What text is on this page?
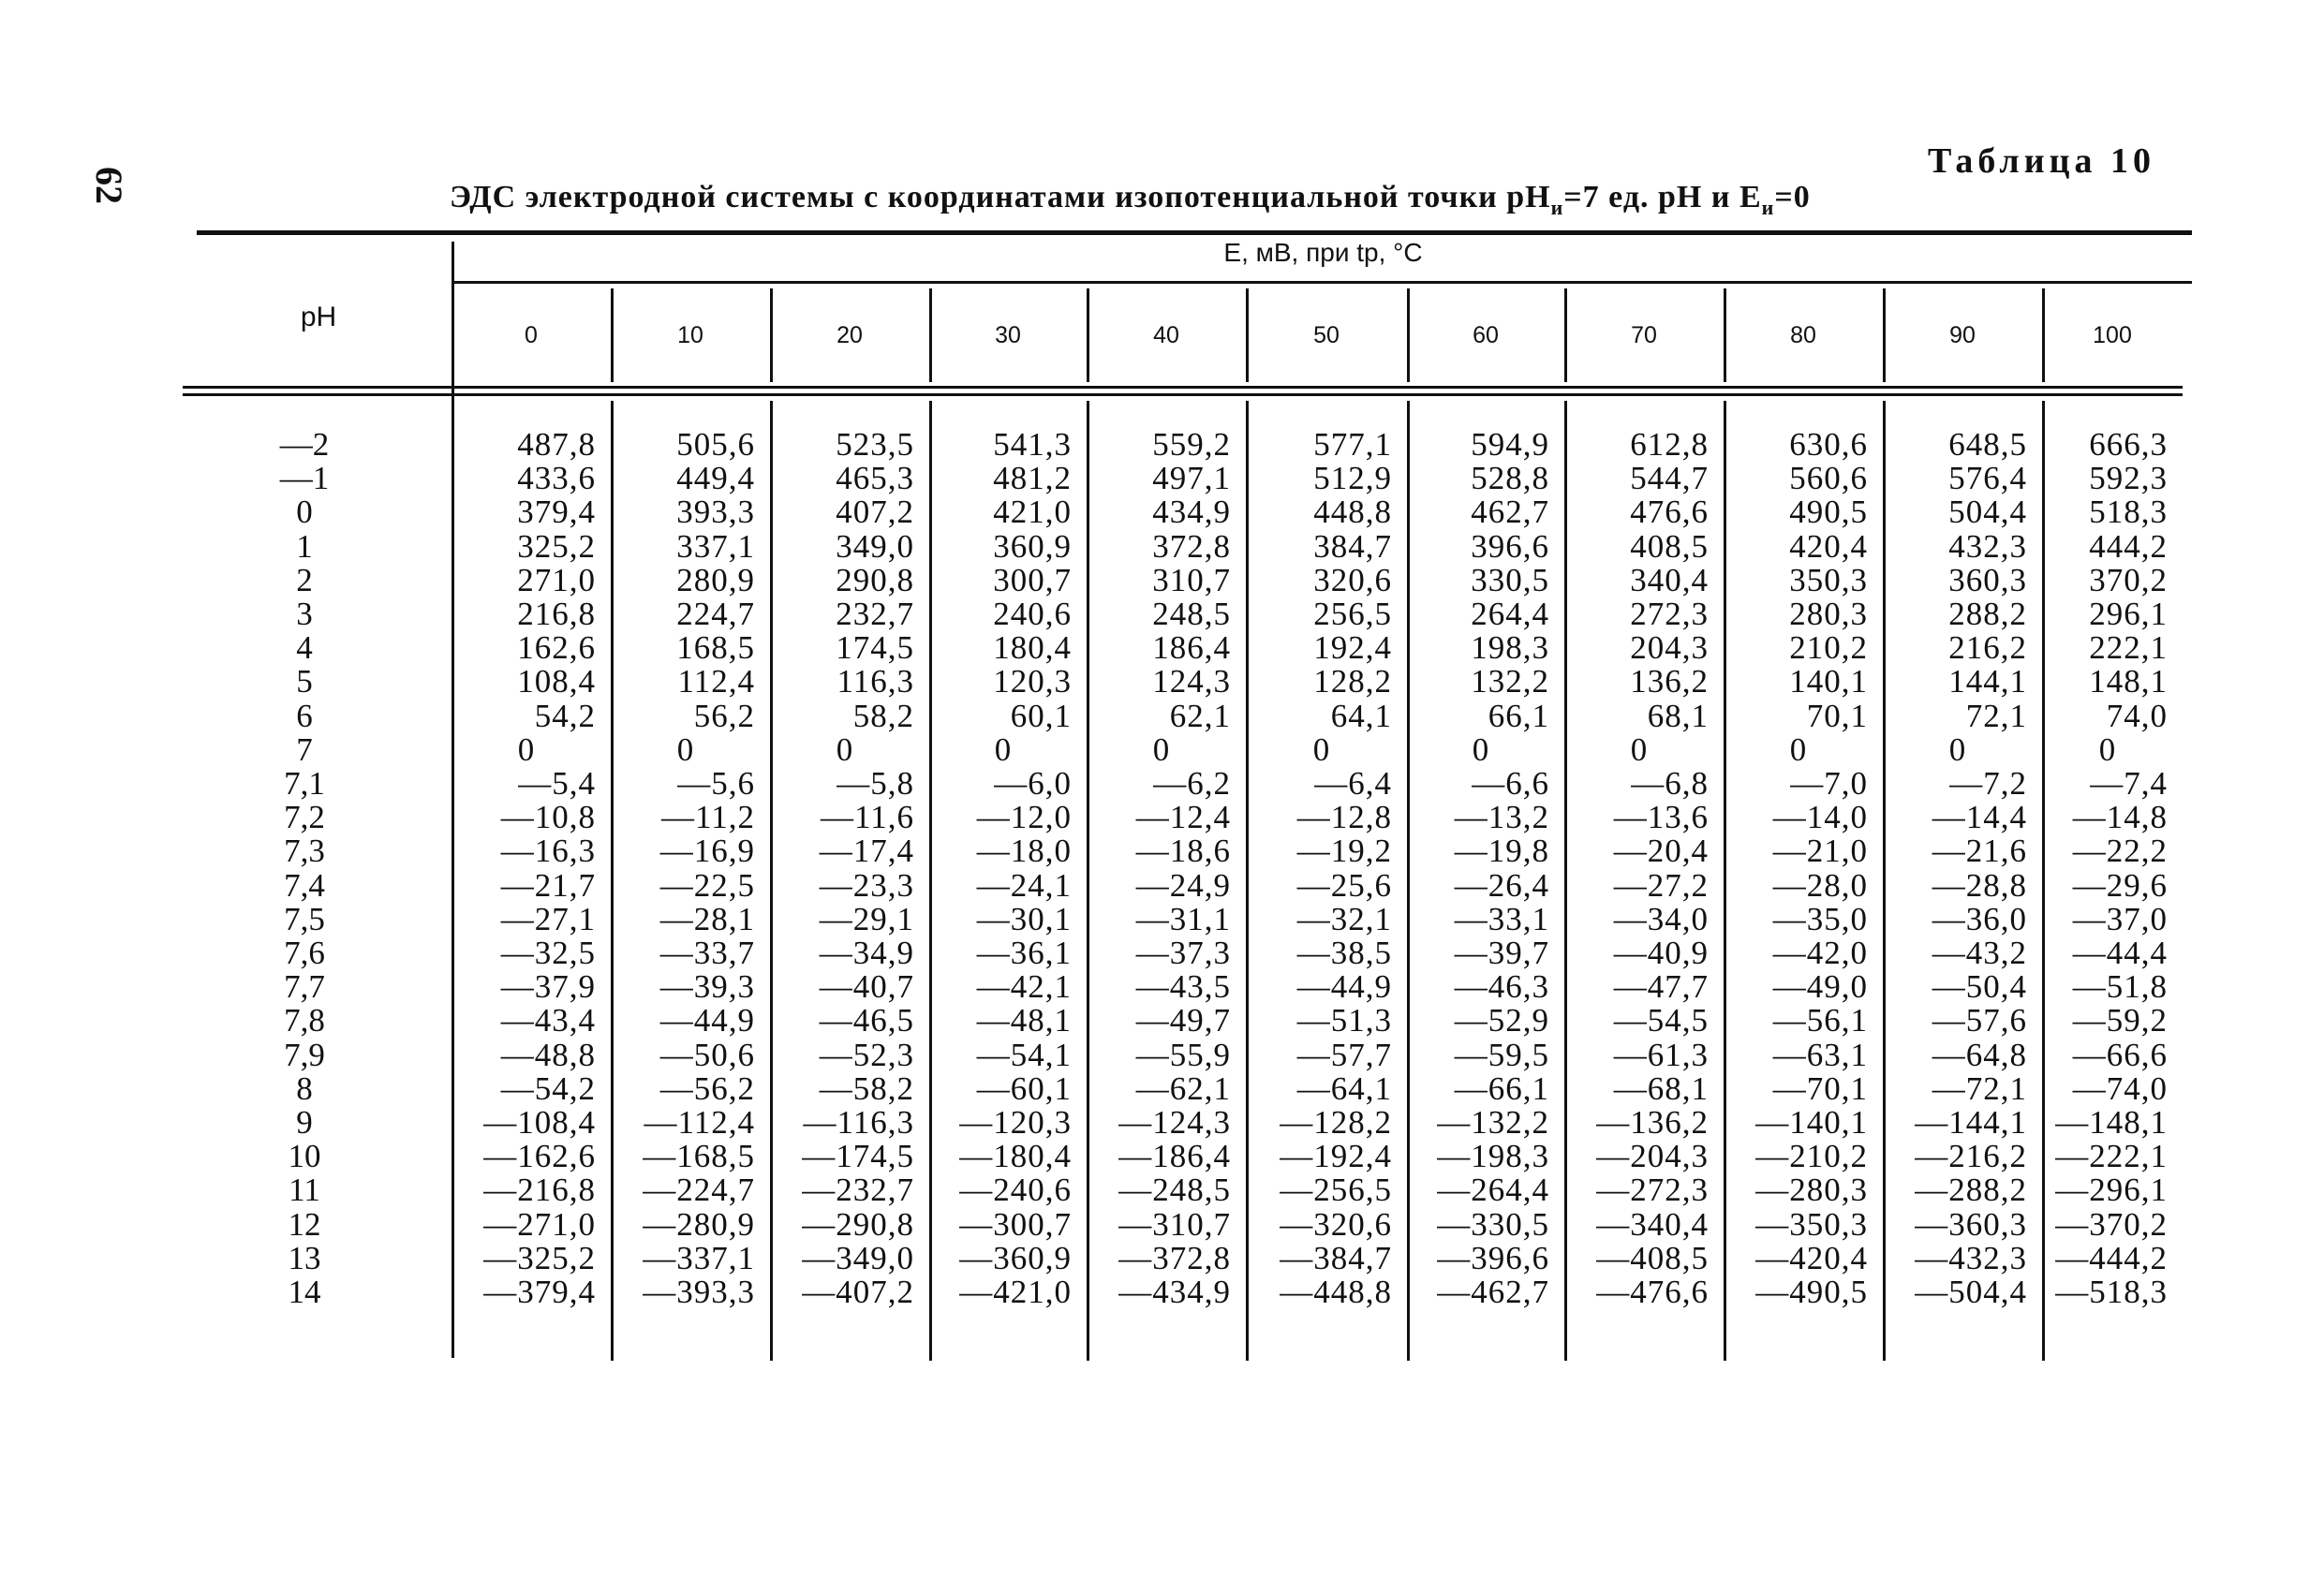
62
Таблица 10
ЭДС электродной системы с координатами изопотенциальной точки $pH_и=7$ ед. pH и $E_и=0$
pH
E, мВ, при tр, °C
0	10	20	30	40	50	60	70	80	90	100
—2	487,8	505,6	523,5	541,3	559,2	577,1	594,9	612,8	630,6	648,5	666,3
—1	433,6	449,4	465,3	481,2	497,1	512,9	528,8	544,7	560,6	576,4	592,3
0	379,4	393,3	407,2	421,0	434,9	448,8	462,7	476,6	490,5	504,4	518,3
1	325,2	337,1	349,0	360,9	372,8	384,7	396,6	408,5	420,4	432,3	444,2
2	271,0	280,9	290,8	300,7	310,7	320,6	330,5	340,4	350,3	360,3	370,2
3	216,8	224,7	232,7	240,6	248,5	256,5	264,4	272,3	280,3	288,2	296,1
4	162,6	168,5	174,5	180,4	186,4	192,4	198,3	204,3	210,2	216,2	222,1
5	108,4	112,4	116,3	120,3	124,3	128,2	132,2	136,2	140,1	144,1	148,1
6	54,2	56,2	58,2	60,1	62,1	64,1	66,1	68,1	70,1	72,1	74,0
7	0	0	0	0	0	0	0	0	0	0	0
7,1	—5,4	—5,6	—5,8	—6,0	—6,2	—6,4	—6,6	—6,8	—7,0	—7,2	—7,4
7,2	—10,8	—11,2	—11,6	—12,0	—12,4	—12,8	—13,2	—13,6	—14,0	—14,4	—14,8
7,3	—16,3	—16,9	—17,4	—18,0	—18,6	—19,2	—19,8	—20,4	—21,0	—21,6	—22,2
7,4	—21,7	—22,5	—23,3	—24,1	—24,9	—25,6	—26,4	—27,2	—28,0	—28,8	—29,6
7,5	—27,1	—28,1	—29,1	—30,1	—31,1	—32,1	—33,1	—34,0	—35,0	—36,0	—37,0
7,6	—32,5	—33,7	—34,9	—36,1	—37,3	—38,5	—39,7	—40,9	—42,0	—43,2	—44,4
7,7	—37,9	—39,3	—40,7	—42,1	—43,5	—44,9	—46,3	—47,7	—49,0	—50,4	—51,8
7,8	—43,4	—44,9	—46,5	—48,1	—49,7	—51,3	—52,9	—54,5	—56,1	—57,6	—59,2
7,9	—48,8	—50,6	—52,3	—54,1	—55,9	—57,7	—59,5	—61,3	—63,1	—64,8	—66,6
8	—54,2	—56,2	—58,2	—60,1	—62,1	—64,1	—66,1	—68,1	—70,1	—72,1	—74,0
9	—108,4	—112,4	—116,3	—120,3	—124,3	—128,2	—132,2	—136,2	—140,1	—144,1 —148,1
10	—162,6	—168,5	—174,5	—180,4	—186,4	—192,4	—198,3	—204,3	—210,2	—216,2 —222,1
11	—216,8	—224,7	—232,7	—240,6	—248,5	—256,5	—264,4	—272,3	—280,3	—288,2 —296,1
12	—271,0	—280,9	—290,8	—300,7	—310,7	—320,6	—330,5	—340,4	—350,3	—360,3 —370,2
13	—325,2	—337,1	—349,0	—360,9	—372,8	—384,7	—396,6	—408,5	—420,4	—432,3 —444,2
14	—379,4	—393,3	—407,2	—421,0	—434,9	—448,8	—462,7	—476,6	—490,5	—504,4 —518,3
